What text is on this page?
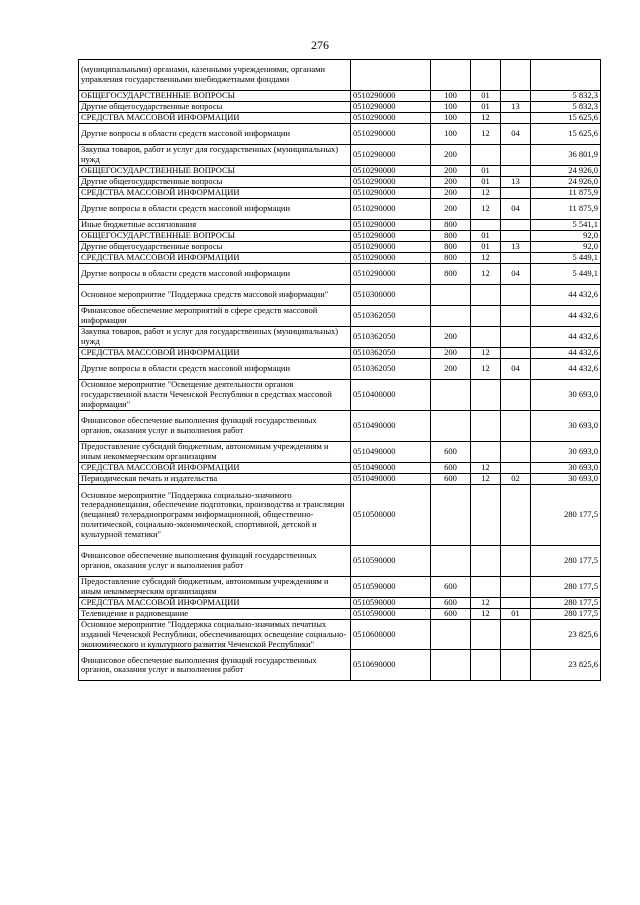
276
(муниципальными) органами, казенными учреждениями, органами управления государственными внебюджетными фондами					
ОБЩЕГОСУДАРСТВЕННЫЕ ВОПРОСЫ	0510290000	100	01		5 832,3
Другие общегосударственные вопросы	0510290000	100	01	13	5 832,3
СРЕДСТВА МАССОВОЙ ИНФОРМАЦИИ	0510290000	100	12		15 625,6
Другие вопросы в области средств массовой информации	0510290000	100	12	04	15 625,6
Закупка товаров, работ и услуг для государственных (муниципальных) нужд	0510290000	200			36 801,9
ОБЩЕГОСУДАРСТВЕННЫЕ ВОПРОСЫ	0510290000	200	01		24 926,0
Другие общегосударственные вопросы	0510290000	200	01	13	24 926,0
СРЕДСТВА МАССОВОЙ ИНФОРМАЦИИ	0510290000	200	12		11 875,9
Другие вопросы в области средств массовой информации	0510290000	200	12	04	11 875,9
Иные бюджетные ассигнования	0510290000	800			5 541,1
ОБЩЕГОСУДАРСТВЕННЫЕ ВОПРОСЫ	0510290000	800	01		92,0
Другие общегосударственные вопросы	0510290000	800	01	13	92,0
СРЕДСТВА МАССОВОЙ ИНФОРМАЦИИ	0510290000	800	12		5 449,1
Другие вопросы в области средств массовой информации	0510290000	800	12	04	5 449,1
Основное мероприятие "Поддержка средств массовой информации"	0510300000				44 432,6
Финансовое обеспечение мероприятий в сфере средств массовой информации	0510362050				44 432,6
Закупка товаров, работ и услуг для государственных (муниципальных) нужд	0510362050	200			44 432,6
СРЕДСТВА МАССОВОЙ ИНФОРМАЦИИ	0510362050	200	12		44 432,6
Другие вопросы в области средств массовой информации	0510362050	200	12	04	44 432,6
Основное мероприятие "Освещение деятельности органов государственной власти Чеченской Республики в средствах массовой информации"	0510400000				30 693,0
Финансовое обеспечение выполнения функций государственных органов, оказания услуг и выполнения работ	0510490000				30 693,0
Предоставление субсидий бюджетным, автономным учреждениям и иным некоммерческим организациям	0510490000	600			30 693,0
СРЕДСТВА МАССОВОЙ ИНФОРМАЦИИ	0510490000	600	12		30 693,0
Периодическая печать и издательства	0510490000	600	12	02	30 693,0
Основное мероприятие "Поддержка социально-значимого телерадиовещания, обеспечение подготовки, производства и трансляции (вещания0 телерадиопрограмм информационной, общественно-политической, социально-экономической, спортивной, детской и культурной тематики"	0510500000				280 177,5
Финансовое обеспечение выполнения функций государственных органов, оказания услуг и выполнения работ	0510590000				280 177,5
Предоставление субсидий бюджетным, автономным учреждениям и иным некоммерческим организациям	0510590000	600			280 177,5
СРЕДСТВА МАССОВОЙ ИНФОРМАЦИИ	0510590000	600	12		280 177,5
Телевидение и радиовещание	0510590000	600	12	01	280 177,5
Основное мероприятие "Поддержка социально-значимых печатных изданий Чеченской Республики, обеспечивающих освещение социально-экономического и культурного развития Чеченской Республики"	0510600000				23 825,6
Финансовое обеспечение выполнения функций государственных органов, оказания услуг и выполнения работ	0510690000				23 825,6
